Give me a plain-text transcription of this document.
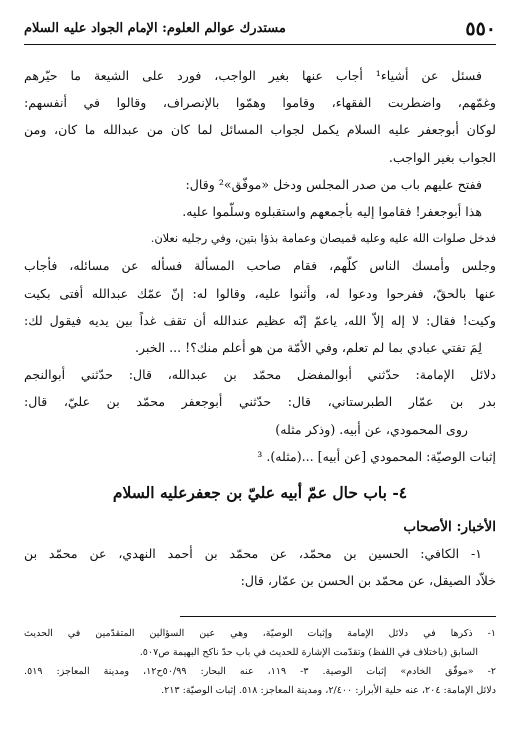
٥٥٠
مستدرك عوالم العلوم: الإمام الجواد عليه السلام

فسئل عن أشياء¹ أجاب عنها بغير الواجب، فورد على الشيعة ما حيّرهم

وغمّهم، واضطربت الفقهاء، وقاموا وهمّوا بالإنصراف، وقالوا في أنفسهم:

لوكان أبوجعفر عليه السلام يكمل لجواب المسائل لما كان من عبدالله ما كان، ومن

الجواب بغير الواجب.

ففتح عليهم باب من صدر المجلس ودخل «موفّق»² وقال:

هذا أبوجعفر! فقاموا إليه بأجمعهم واستقبلوه وسلّموا عليه.

فدخل صلوات الله عليه وعليه قميصان وعمامة بذؤا بتين، وفي رجليه نعلان.

وجلس وأمسك الناس كلّهم، فقام صاحب المسألة فسأله عن مسائله، فأجاب

عنها بالحقّ، ففرحوا ودعوا له، وأثنوا عليه، وقالوا له: إنّ عمّك عبدالله أفتى بكيت

وكيت! فقال: لا إله إلاّ الله، ياعمّ إنّه عظيم عندالله أن تقف غداً بين يديه فيقول لك:

لِمَ تفتي عبادي بما لم تعلم، وفي الأمّة من هو أعلم منك؟! ... الخبر.

دلائل الإمامة: حدّثني أبوالمفضل محمّد بن عبدالله، قال: حدّثني أبوالنجم

بدر بن عمّار الطبرستاني، قال: حدّثني أبوجعفر محمّد بن عليّ، قال:

روى المحمودي، عن أبيه. (وذكر مثله)

إثبات الوصيّة: المحمودي [عن أبيه] ...(مثله). ³

٤- باب حال عمّ أبيه عليّ بن جعفرعليه السلام

الأخبار: الأصحاب

١- الكافي: الحسين بن محمّد، عن محمّد بن أحمد النهدي، عن محمّد بن

خلاّد الصيقل، عن محمّد بن الحسن بن عمّار، قال:

١- ذكرها في دلائل الإمامة وإثبات الوصيّة، وهي عين السؤالين المتقدّمين في الحديث

السابق (باختلاف في اللفظ) وتقدّمت الإشارة للحديث في باب حدّ ناكح البهيمة ص٥٠٧.

٢- «موفّق الخادم» إثبات الوصية. ٣- ١١٩، عنه البحار: ٥٠/٩٩ح١٢، ومدينة المعاجز: ٥١٩.

دلائل الإمامة: ٢٠٤، عنه حلية الأبرار: ٢/٤٠٠، ومدينة المعاجز: ٥١٨. إثبات الوصيّة: ٢١٣.
